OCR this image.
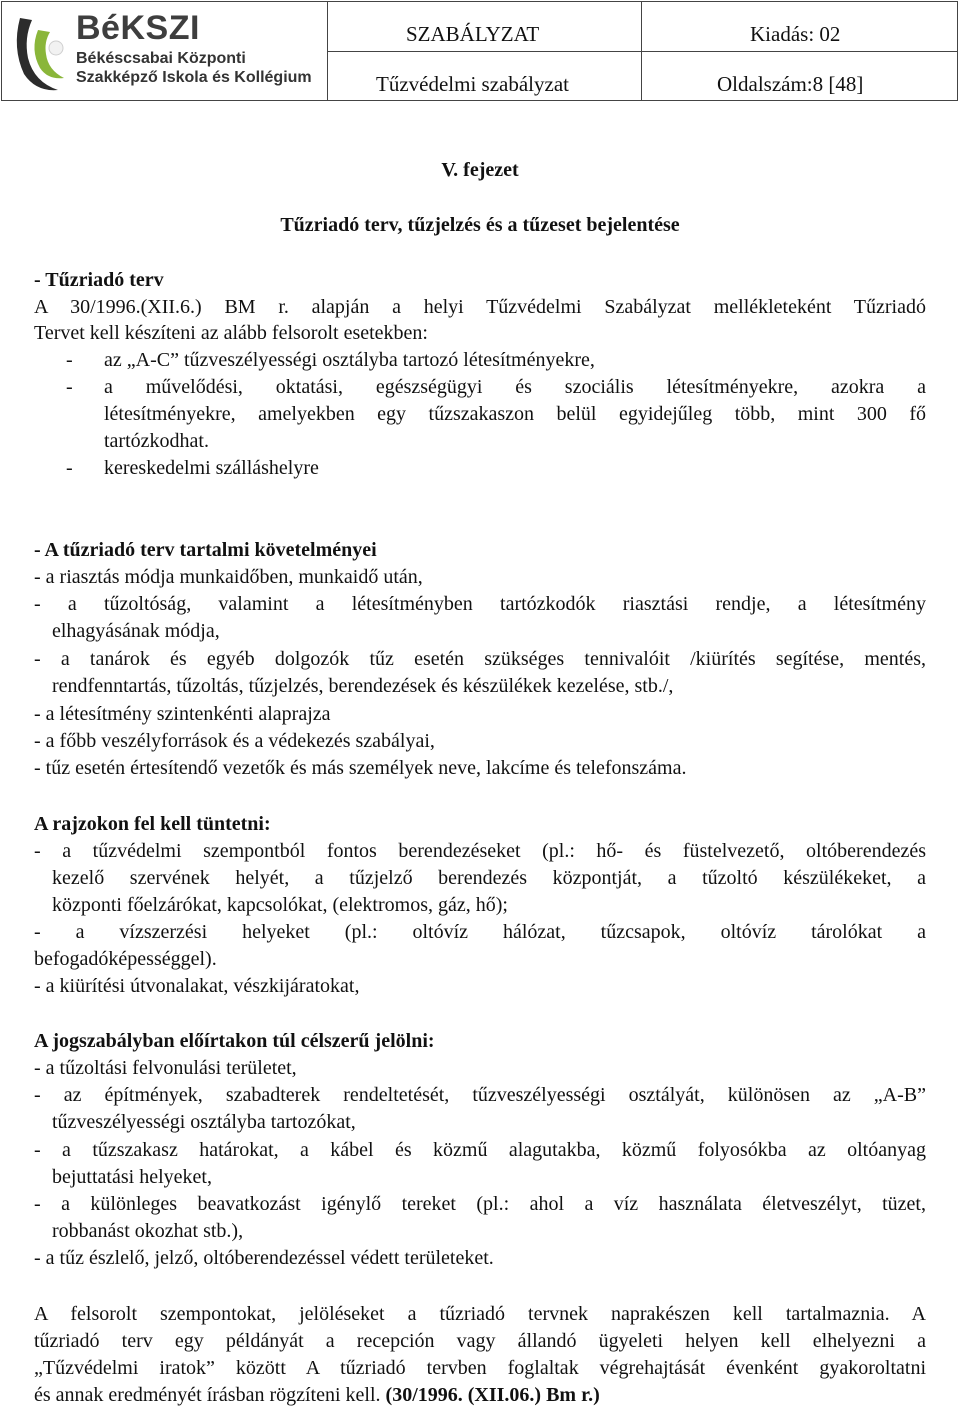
BéKSZI
Békéscsabai Központi
Szakképző Iskola és Kollégium
SZABÁLYZAT	Kiadás: 02
Tűzvédelmi szabályzat	Oldalszám:8 [48]
V. fejezet
Tűzriadó terv, tűzjelzés és a tűzeset bejelentése
- Tűzriadó terv
A 30/1996.(XII.6.) BM r. alapján a helyi Tűzvédelmi Szabályzat mellékleteként Tűzriadó
Tervet kell készíteni az alább felsorolt esetekben:
- az „A-C” tűzveszélyességi osztályba tartozó létesítményekre,
- a művelődési, oktatási, egészségügyi és szociális létesítményekre, azokra a
létesítményekre, amelyekben egy tűzszakaszon belül egyidejűleg több, mint 300 fő
tartózkodhat.
- kereskedelmi szálláshelyre
- A tűzriadó terv tartalmi követelményei
- a riasztás módja munkaidőben, munkaidő után,
- a tűzoltóság, valamint a létesítményben tartózkodók riasztási rendje, a létesítmény
elhagyásának módja,
- a tanárok és egyéb dolgozók tűz esetén szükséges tennivalóit /kiürítés segítése, mentés,
rendfenntartás, tűzoltás, tűzjelzés, berendezések és készülékek kezelése, stb./,
- a létesítmény szintenkénti alaprajza
- a főbb veszélyforrások és a védekezés szabályai,
- tűz esetén értesítendő vezetők és más személyek neve, lakcíme és telefonszáma.
A rajzokon fel kell tüntetni:
- a tűzvédelmi szempontból fontos berendezéseket (pl.: hő- és füstelvezető, oltóberendezés
kezelő szervének helyét, a tűzjelző berendezés központját, a tűzoltó készülékeket, a
központi főelzárókat, kapcsolókat, (elektromos, gáz, hő);
- a vízszerzési helyeket (pl.: oltóvíz hálózat, tűzcsapok, oltóvíz tárolókat a
befogadóképességgel).
- a kiürítési útvonalakat, vészkijáratokat,
A jogszabályban előírtakon túl célszerű jelölni:
- a tűzoltási felvonulási területet,
- az építmények, szabadterek rendeltetését, tűzveszélyességi osztályát, különösen az „A-B”
tűzveszélyességi osztályba tartozókat,
- a tűzszakasz határokat, a kábel és közmű alagutakba, közmű folyosókba az oltóanyag
bejuttatási helyeket,
- a különleges beavatkozást igénylő tereket (pl.: ahol a víz használata életveszélyt, tüzet,
robbanást okozhat stb.),
- a tűz észlelő, jelző, oltóberendezéssel védett területeket.
A felsorolt szempontokat, jelöléseket a tűzriadó tervnek naprakészen kell tartalmaznia. A
tűzriadó terv egy példányát a recepción vagy állandó ügyeleti helyen kell elhelyezni a
„Tűzvédelmi iratok” között A tűzriadó tervben foglaltak végrehajtását évenként gyakoroltatni
és annak eredményét írásban rögzíteni kell. (30/1996. (XII.06.) Bm r.)
